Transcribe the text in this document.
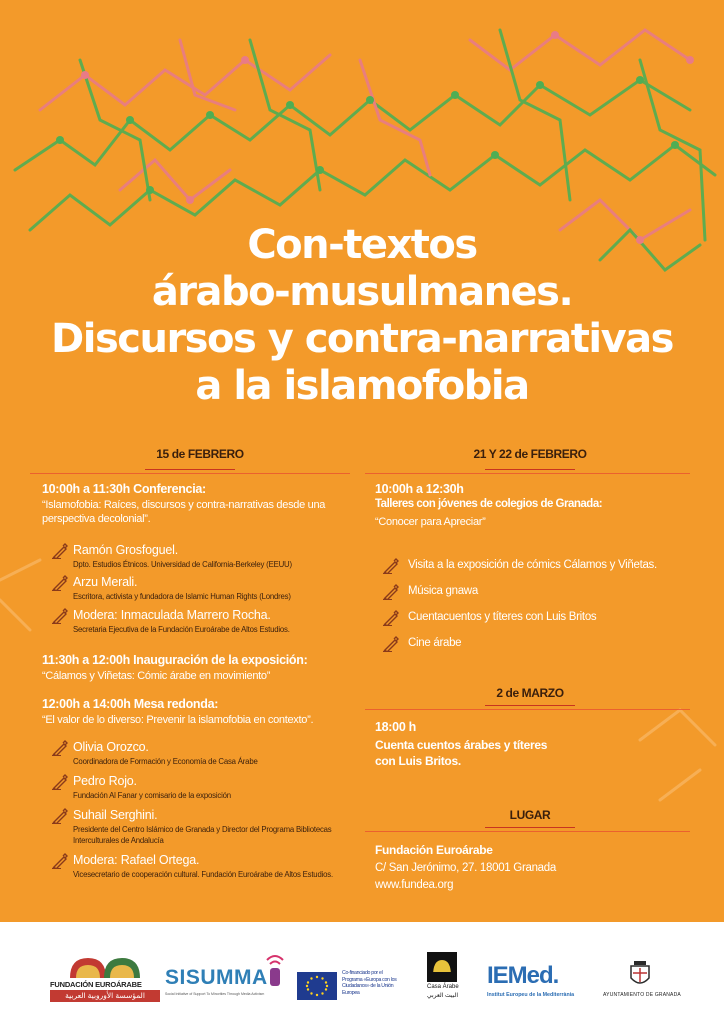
Con-textos
árabo-musulmanes.
Discursos y contra-narrativas
a la islamofobia
15 de FEBRERO
10:00h a 11:30h Conferencia:
“Islamofobia: Raíces, discursos y contra-narrativas desde una perspectiva decolonial”.
Ramón Grosfoguel.
Dpto. Estudios Étnicos. Universidad de California-Berkeley (EEUU)
Arzu Merali.
Escritora, activista y fundadora de Islamic Human Rights (Londres)
Modera: Inmaculada Marrero Rocha.
Secretaria Ejecutiva de la Fundación Euroárabe de Altos Estudios.
11:30h a 12:00h Inauguración de la exposición:
“Cálamos y Viñetas: Cómic árabe en movimiento”
12:00h a 14:00h Mesa redonda:
“El valor de lo diverso: Prevenir la islamofobia en contexto”.
Olivia Orozco.
Coordinadora de Formación y Economía de Casa Árabe
Pedro Rojo.
Fundación Al Fanar y comisario de la exposición
Suhail Serghini.
Presidente del Centro Islámico de Granada y Director del Programa Bibliotecas Interculturales de Andalucía
Modera: Rafael Ortega.
Vicesecretario de cooperación cultural. Fundación Euroárabe de Altos Estudios.
21 Y 22 de FEBRERO
10:00h a 12:30h
Talleres con jóvenes de colegios de Granada:
“Conocer para Apreciar”
Visita a la exposición de cómics Cálamos y Viñetas.
Música gnawa
Cuentacuentos y títeres con Luis Britos
Cine árabe
2 de MARZO
18:00 h
Cuenta cuentos árabes y títeres
con Luis Britos.
LUGAR
Fundación Euroárabe
C/ San Jerónimo, 27. 18001 Granada
www.fundea.org
FUNDACIÓN EUROÁRABE
المؤسسة الأوروبية العربية
SISUMMA
Social Initiative of Support To Minorities Through Media Activism
Co-financiado por el Programa «Europa con los Ciudadanos» de la Unión Europea
Casa Árabe
البيت العربي
IEMed.
Institut Europeu de la Mediterrània	AYUNTAMIENTO DE GRANADA
